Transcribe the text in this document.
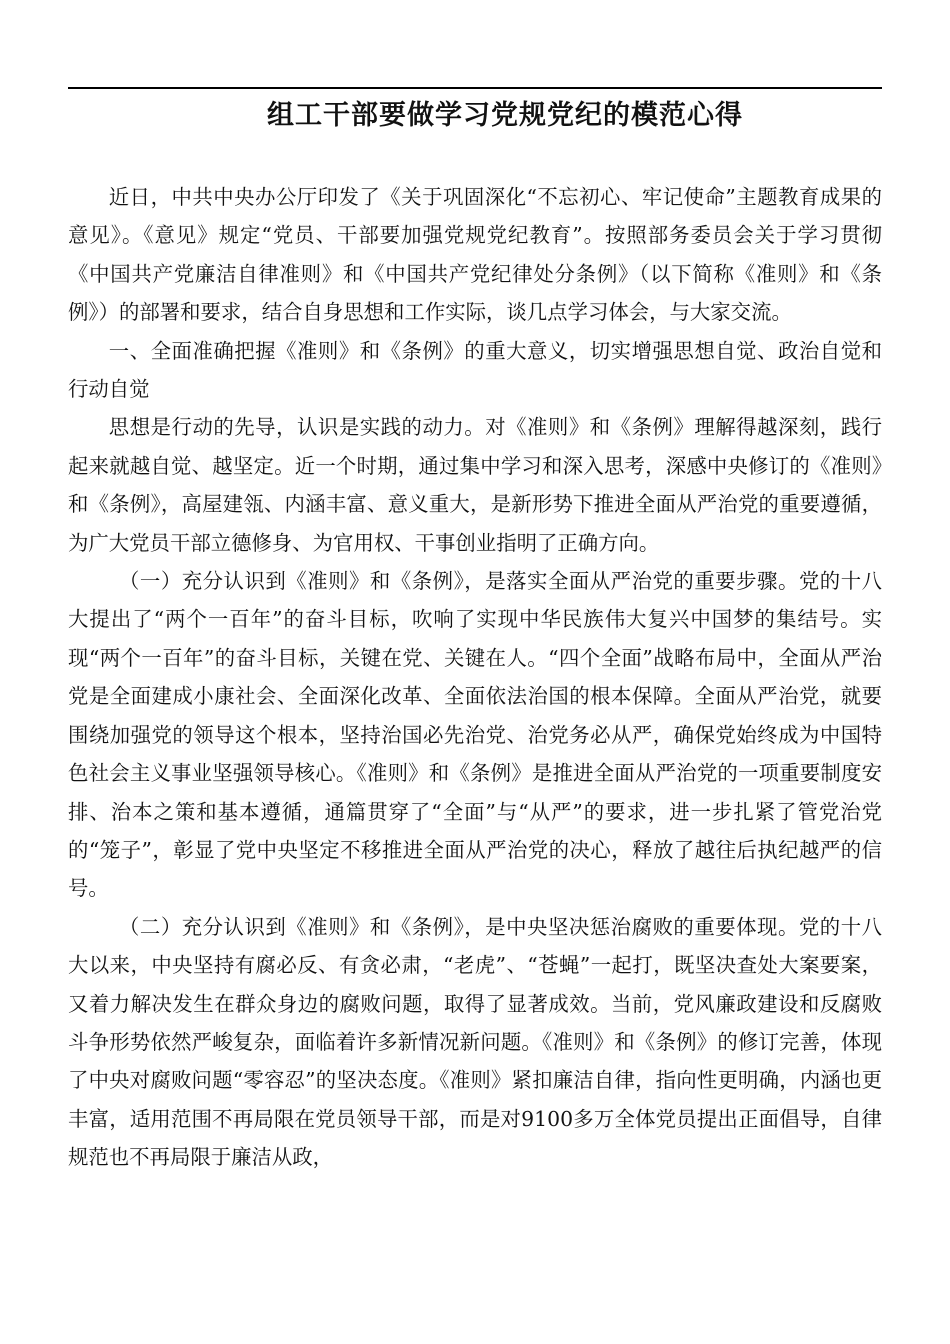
组工干部要做学习党规党纪的模范心得

近日，中共中央办公厅印发了《关于巩固深化“不忘初心、牢记使命”主题教育成果的意见》。《意见》规定“党员、干部要加强党规党纪教育”。按照部务委员会关于学习贯彻《中国共产党廉洁自律准则》和《中国共产党纪律处分条例》（以下简称《准则》和《条例》）的部署和要求，结合自身思想和工作实际，谈几点学习体会，与大家交流。

一、全面准确把握《准则》和《条例》的重大意义，切实增强思想自觉、政治自觉和行动自觉

思想是行动的先导，认识是实践的动力。对《准则》和《条例》理解得越深刻，践行起来就越自觉、越坚定。近一个时期，通过集中学习和深入思考，深感中央修订的《准则》和《条例》，高屋建瓴、内涵丰富、意义重大，是新形势下推进全面从严治党的重要遵循，为广大党员干部立德修身、为官用权、干事创业指明了正确方向。

（一）充分认识到《准则》和《条例》，是落实全面从严治党的重要步骤。党的十八大提出了“两个一百年”的奋斗目标，吹响了实现中华民族伟大复兴中国梦的集结号。实现“两个一百年”的奋斗目标，关键在党、关键在人。“四个全面”战略布局中，全面从严治党是全面建成小康社会、全面深化改革、全面依法治国的根本保障。全面从严治党，就要围绕加强党的领导这个根本，坚持治国必先治党、治党务必从严，确保党始终成为中国特色社会主义事业坚强领导核心。《准则》和《条例》是推进全面从严治党的一项重要制度安排、治本之策和基本遵循，通篇贯穿了“全面”与“从严”的要求，进一步扎紧了管党治党的“笼子”，彰显了党中央坚定不移推进全面从严治党的决心，释放了越往后执纪越严的信号。

（二）充分认识到《准则》和《条例》，是中央坚决惩治腐败的重要体现。党的十八大以来，中央坚持有腐必反、有贪必肃，“老虎”、“苍蝇”一起打，既坚决查处大案要案，又着力解决发生在群众身边的腐败问题，取得了显著成效。当前，党风廉政建设和反腐败斗争形势依然严峻复杂，面临着许多新情况新问题。《准则》和《条例》的修订完善，体现了中央对腐败问题“零容忍”的坚决态度。《准则》紧扣廉洁自律，指向性更明确，内涵也更丰富，适用范围不再局限在党员领导干部，而是对9100多万全体党员提出正面倡导，自律规范也不再局限于廉洁从政，
